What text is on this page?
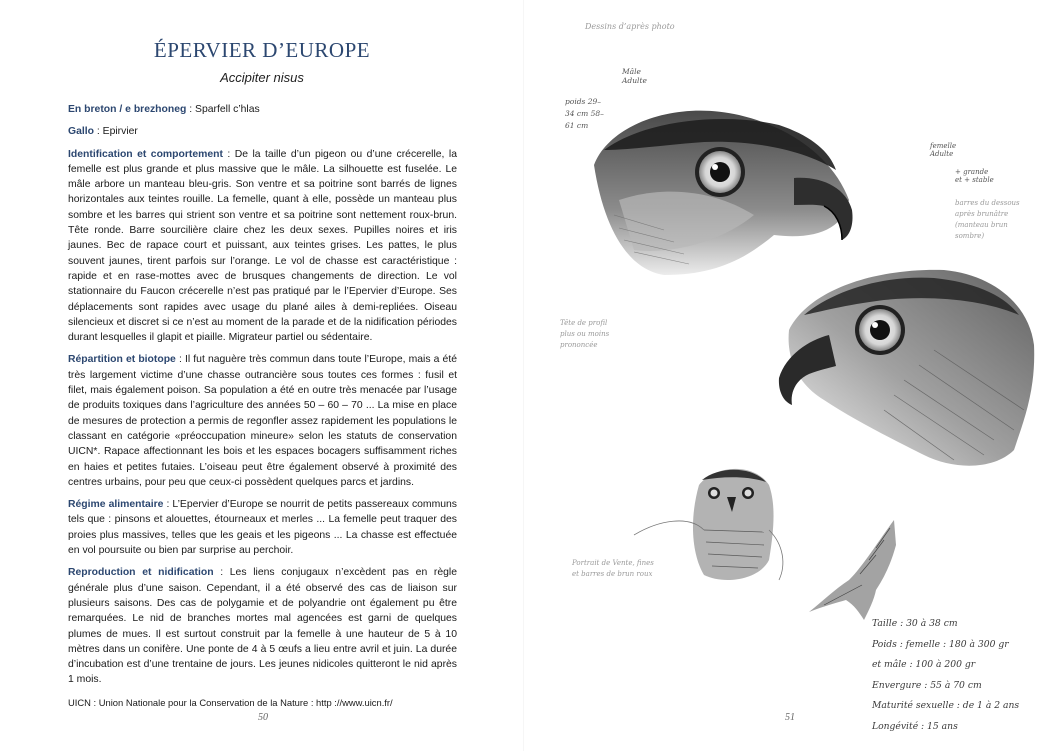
ÉPERVIER D’EUROPE
Accipiter nisus

En breton / e brezhoneg : Sparfell c’hlas

Gallo : Epirvier

Identification et comportement : De la taille d’un pigeon ou d’une crécerelle, la femelle est plus grande et plus massive que le mâle. La silhouette est fuselée. Le mâle arbore un manteau bleu-gris. Son ventre et sa poitrine sont barrés de lignes horizontales aux teintes rouille. La femelle, quant à elle, possède un manteau plus sombre et les barres qui strient son ventre et sa poitrine sont nettement roux-brun. Tête ronde. Barre sourcilière claire chez les deux sexes. Pupilles noires et iris jaunes. Bec de rapace court et puissant, aux teintes grises. Les pattes, le plus souvent jaunes, tirent parfois sur l’orange. Le vol de chasse est caractéristique : rapide et en rase-mottes avec de brusques changements de direction. Le vol stationnaire du Faucon crécerelle n’est pas pratiqué par le l’Epervier d’Europe. Ses déplacements sont rapides avec usage du plané ailes à demi-repliées. Oiseau silencieux et discret si ce n’est au moment de la parade et de la nidification périodes durant lesquelles il glapit et piaille. Migrateur partiel ou sédentaire.

Répartition et biotope : Il fut naguère très commun dans toute l’Europe, mais a été très largement victime d’une chasse outrancière sous toutes ces formes : fusil et filet, mais également poison. Sa population a été en outre très menacée par l’usage de produits toxiques dans l’agriculture des années 50 – 60 – 70 ... La mise en place de mesures de protection a permis de regonfler assez rapidement les populations le classant en catégorie «préoccupation mineure» selon les statuts de conservation UICN*. Rapace affectionnant les bois et les espaces bocagers suffisamment riches en haies et petites futaies. L’oiseau peut être également observé à proximité des centres urbains, pour peu que ceux-ci possèdent quelques parcs et jardins.

Régime alimentaire : L’Epervier d’Europe se nourrit de petits passereaux communs tels que : pinsons et alouettes, étourneaux et merles ... La femelle peut traquer des proies plus massives, telles que les geais et les pigeons ... La chasse est effectuée en vol poursuite ou bien par surprise au perchoir.

Reproduction et nidification : Les liens conjugaux n’excèdent pas en règle générale plus d’une saison. Cependant, il a été observé des cas de liaison sur plusieurs saisons. Des cas de polygamie et de polyandrie ont également pu être remarquées. Le nid de branches mortes mal agencées est garni de quelques plumes de mues. Il est surtout construit par la femelle à une hauteur de 5 à 10 mètres dans un conifère. Une ponte de 4 à 5 œufs a lieu entre avril et juin. La durée d’incubation est d’une trentaine de jours. Les jeunes nidicoles quitteront le nid après 1 mois.

UICN : Union Nationale pour la Conservation de la Nature : http ://www.uicn.fr/

50
Dessins d’après photo
Mâle Adulte
poids 29–34 cm 58–61 cm
femelle Adulte
+ grande et + stable
barres du dessous après brunâtre (manteau brun sombre)
Tête de profil plus ou moins prononcée
Portrait de Vente, fines et barres de brun roux
Taille : 30 à 38 cm
Poids : femelle : 180 à 300 gr
et mâle : 100 à 200 gr
Envergure : 55 à 70 cm
Maturité sexuelle : de 1 à 2 ans
Longévité : 15 ans
51
